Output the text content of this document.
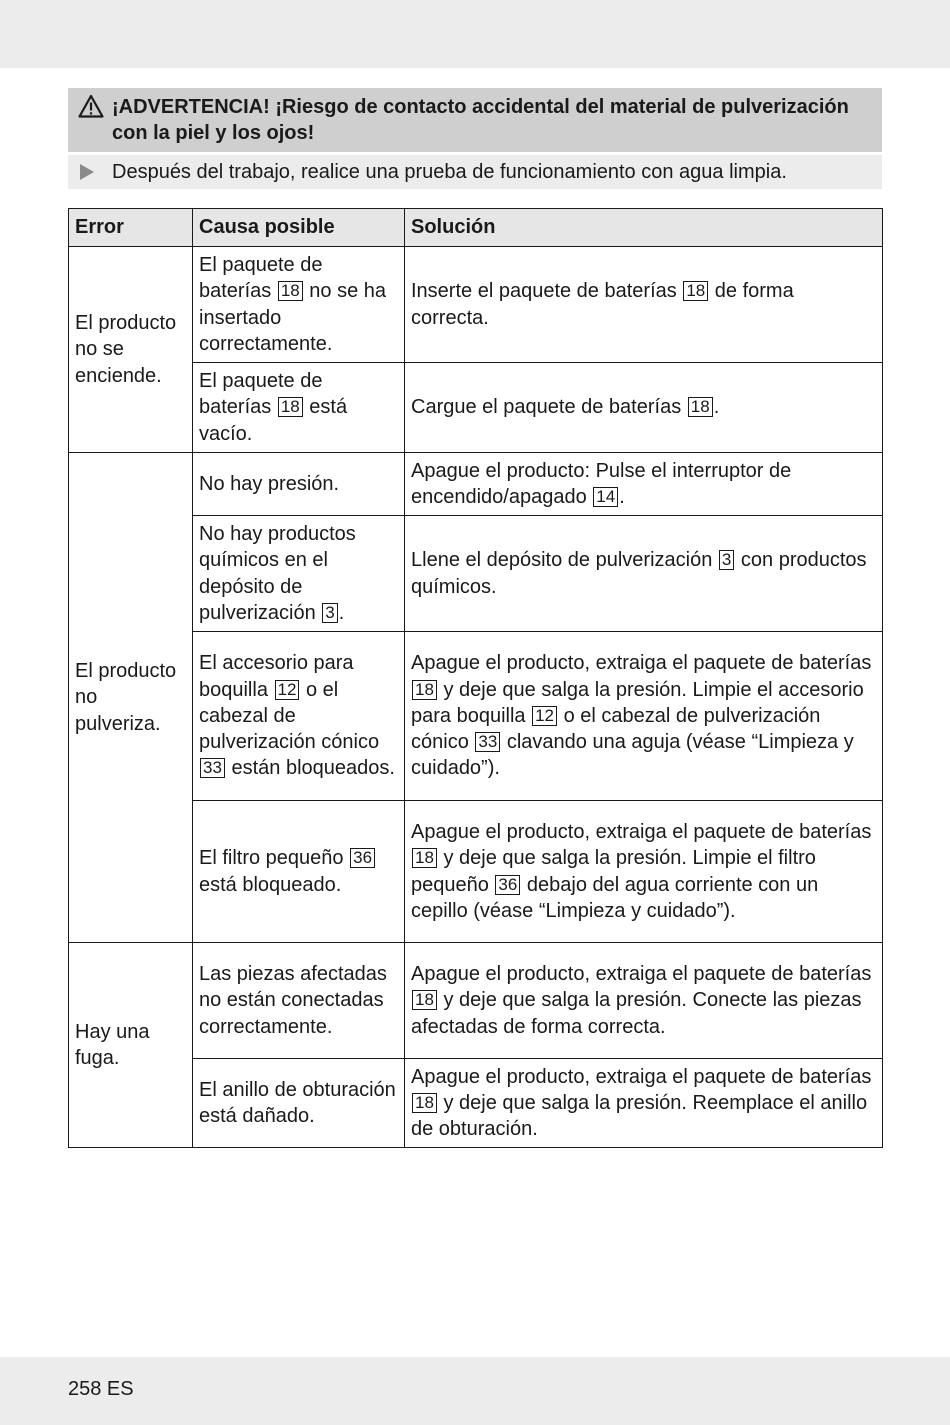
¡ADVERTENCIA! ¡Riesgo de contacto accidental del material de pulverización con la piel y los ojos!
Después del trabajo, realice una prueba de funcionamiento con agua limpia.
Error	Causa posible	Solución
El producto no se enciende.	El paquete de baterías 18 no se ha insertado correctamente.	Inserte el paquete de baterías 18 de forma correcta.
	El paquete de baterías 18 está vacío.	Cargue el paquete de baterías 18 .
El producto no pulveriza.	No hay presión.	Apague el producto: Pulse el interruptor de encendido/apagado 14 .
	No hay productos químicos en el depósito de pulverización 3 .	Llene el depósito de pulverización 3 con productos químicos.
	El accesorio para boquilla 12 o el cabezal de pulverización cónico 33 están bloqueados.	Apague el producto, extraiga el paquete de baterías 18 y deje que salga la presión. Limpie el accesorio para boquilla 12 o el cabezal de pulverización cónico 33 clavando una aguja (véase “Limpieza y cuidado”).
	El filtro pequeño 36 está bloqueado.	Apague el producto, extraiga el paquete de baterías 18 y deje que salga la presión. Limpie el filtro pequeño 36 debajo del agua corriente con un cepillo (véase “Limpieza y cuidado”).
Hay una fuga.	Las piezas afectadas no están conectadas correctamente.	Apague el producto, extraiga el paquete de baterías 18 y deje que salga la presión. Conecte las piezas afectadas de forma correcta.
	El anillo de obturación está dañado.	Apague el producto, extraiga el paquete de baterías 18 y deje que salga la presión. Reemplace el anillo de obturación.
258 ES
